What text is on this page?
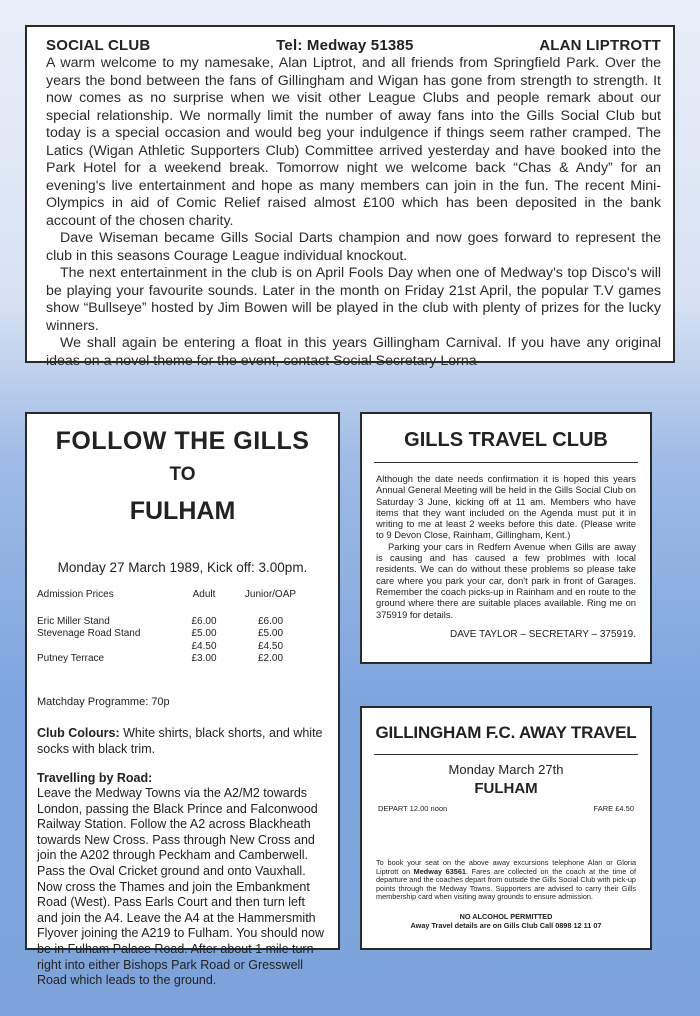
SOCIAL CLUB	Tel: Medway 51385	ALAN LIPTROTT

A warm welcome to my namesake, Alan Liptrot, and all friends from Springfield Park. Over the years the bond between the fans of Gillingham and Wigan has gone from strength to strength. It now comes as no surprise when we visit other League Clubs and people remark about our special relationship. We normally limit the number of away fans into the Gills Social Club but today is a special occasion and would beg your indulgence if things seem rather cramped. The Latics (Wigan Athletic Supporters Club) Committee arrived yesterday and have booked into the Park Hotel for a weekend break. Tomorrow night we welcome back “Chas & Andy” for an evening's live entertainment and hope as many members can join in the fun. The recent Mini-Olympics in aid of Comic Relief raised almost £100 which has been deposited in the bank account of the chosen charity.

Dave Wiseman became Gills Social Darts champion and now goes forward to represent the club in this seasons Courage League individual knockout.

The next entertainment in the club is on April Fools Day when one of Medway's top Disco's will be playing your favourite sounds. Later in the month on Friday 21st April, the popular T.V games show “Bullseye” hosted by Jim Bowen will be played in the club with plenty of prizes for the lucky winners.

We shall again be entering a float in this years Gillingham Carnival. If you have any original ideas on a novel theme for the event, contact Social Secretary Lorna

FOLLOW THE GILLS
TO
FULHAM
Monday 27 March 1989, Kick off: 3.00pm.
Admission Prices	Adult	Junior/OAP
Eric Miller Stand	£6.00	£6.00
Stevenage Road Stand	£5.00	£5.00
	£4.50	£4.50
Putney Terrace	£3.00	£2.00
Matchday Programme: 70p
Club Colours: White shirts, black shorts, and white socks with black trim.
Travelling by Road:
Leave the Medway Towns via the A2/M2 towards London, passing the Black Prince and Falconwood Railway Station. Follow the A2 across Blackheath towards New Cross. Pass through New Cross and join the A202 through Peckham and Camberwell. Pass the Oval Cricket ground and onto Vauxhall. Now cross the Thames and join the Embankment Road (West). Pass Earls Court and then turn left and join the A4. Leave the A4 at the Hammersmith Flyover joining the A219 to Fulham. You should now be in Fulham Palace Road. After about 1 mile turn right into either Bishops Park Road or Gresswell Road which leads to the ground.
GILLS TRAVEL CLUB

Although the date needs confirmation it is hoped this years Annual General Meeting will be held in the Gills Social Club on Saturday 3 June, kicking off at 11 am. Members who have items that they want included on the Agenda must put it in writing to me at least 2 weeks before this date. (Please write to 9 Devon Close, Rainham, Gillingham, Kent.)

Parking your cars in Redfern Avenue when Gills are away is causing and has caused a few problmes with local residents. We can do without these problems so please take care where you park your car, don't park in front of Garages. Remember the coach picks-up in Rainham and en route to the ground where there are suitable places available. Ring me on 375919 for details.

DAVE TAYLOR – SECRETARY – 375919.
GILLINGHAM F.C. AWAY TRAVEL
Monday March 27th
FULHAM
DEPART 12.00 noon	FARE £4.50
To book your seat on the above away excursions telephone Alan or Gloria Liptrott on Medway 63561. Fares are collected on the coach at the time of departure and the coaches depart from outside the Gills Social Club with pick-up points through the Medway Towns. Supporters are advised to carry their Gills membership card when visiting away grounds to ensure admission.
NO ALCOHOL PERMITTED
Away Travel details are on Gills Club Call 0898 12 11 07
